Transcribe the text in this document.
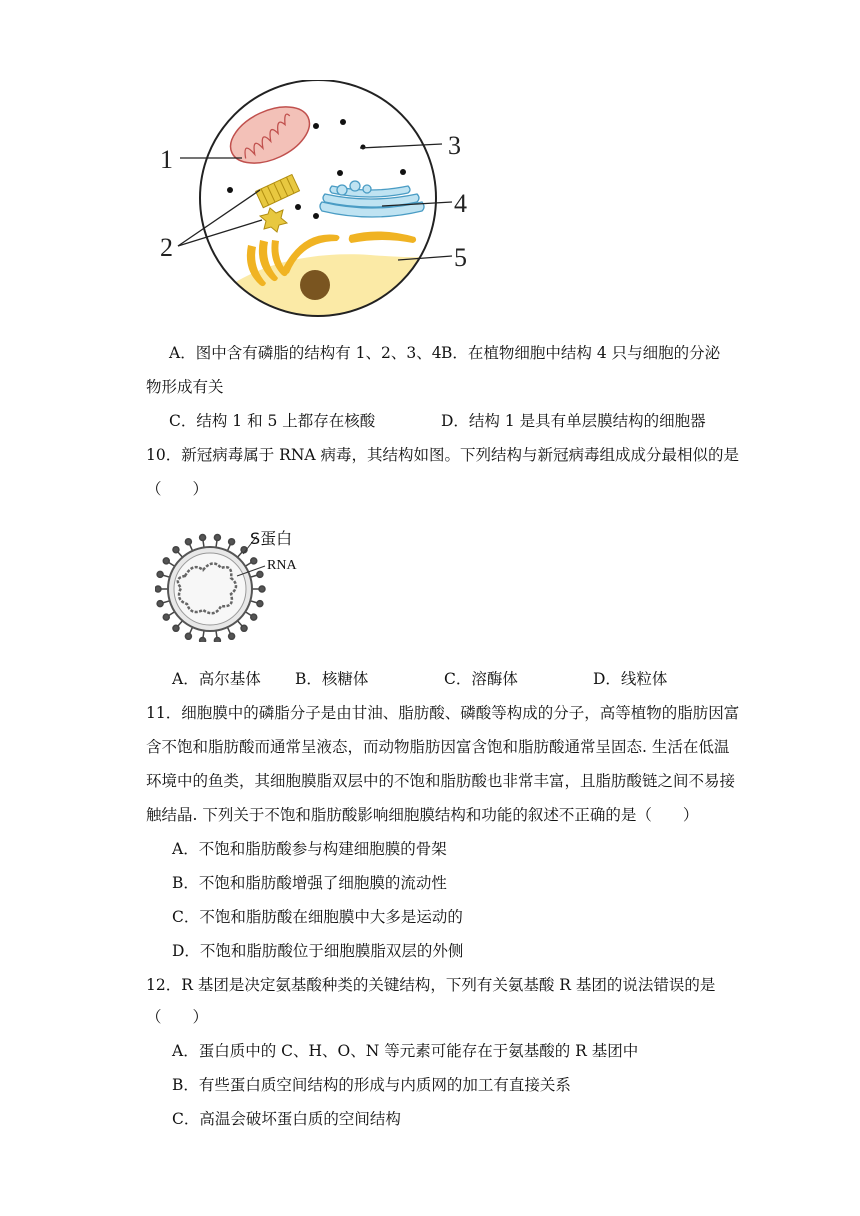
1
2
3
4
5
A．图中含有磷脂的结构有 1、2、3、4 B．在植物细胞中结构 4 只与细胞的分泌
物形成有关
C．结构 1 和 5 上都存在核酸	D．结构 1 是具有单层膜结构的细胞器
10．新冠病毒属于 RNA 病毒，其结构如图。下列结构与新冠病毒组成成分最相似的是
（　　）
S蛋白
RNA
A．高尔基体 B．核糖体	C．溶酶体	D．线粒体
11．细胞膜中的磷脂分子是由甘油、脂肪酸、磷酸等构成的分子，高等植物的脂肪因富
含不饱和脂肪酸而通常呈液态，而动物脂肪因富含饱和脂肪酸通常呈固态. 生活在低温
环境中的鱼类，其细胞膜脂双层中的不饱和脂肪酸也非常丰富，且脂肪酸链之间不易接
触结晶. 下列关于不饱和脂肪酸影响细胞膜结构和功能的叙述不正确的是（　　）
A．不饱和脂肪酸参与构建细胞膜的骨架
B．不饱和脂肪酸增强了细胞膜的流动性
C．不饱和脂肪酸在细胞膜中大多是运动的
D．不饱和脂肪酸位于细胞膜脂双层的外侧
12．R 基团是决定氨基酸种类的关键结构，下列有关氨基酸 R 基团的说法错误的是
（　　）
A．蛋白质中的 C、H、O、N 等元素可能存在于氨基酸的 R 基团中
B．有些蛋白质空间结构的形成与内质网的加工有直接关系
C．高温会破坏蛋白质的空间结构
